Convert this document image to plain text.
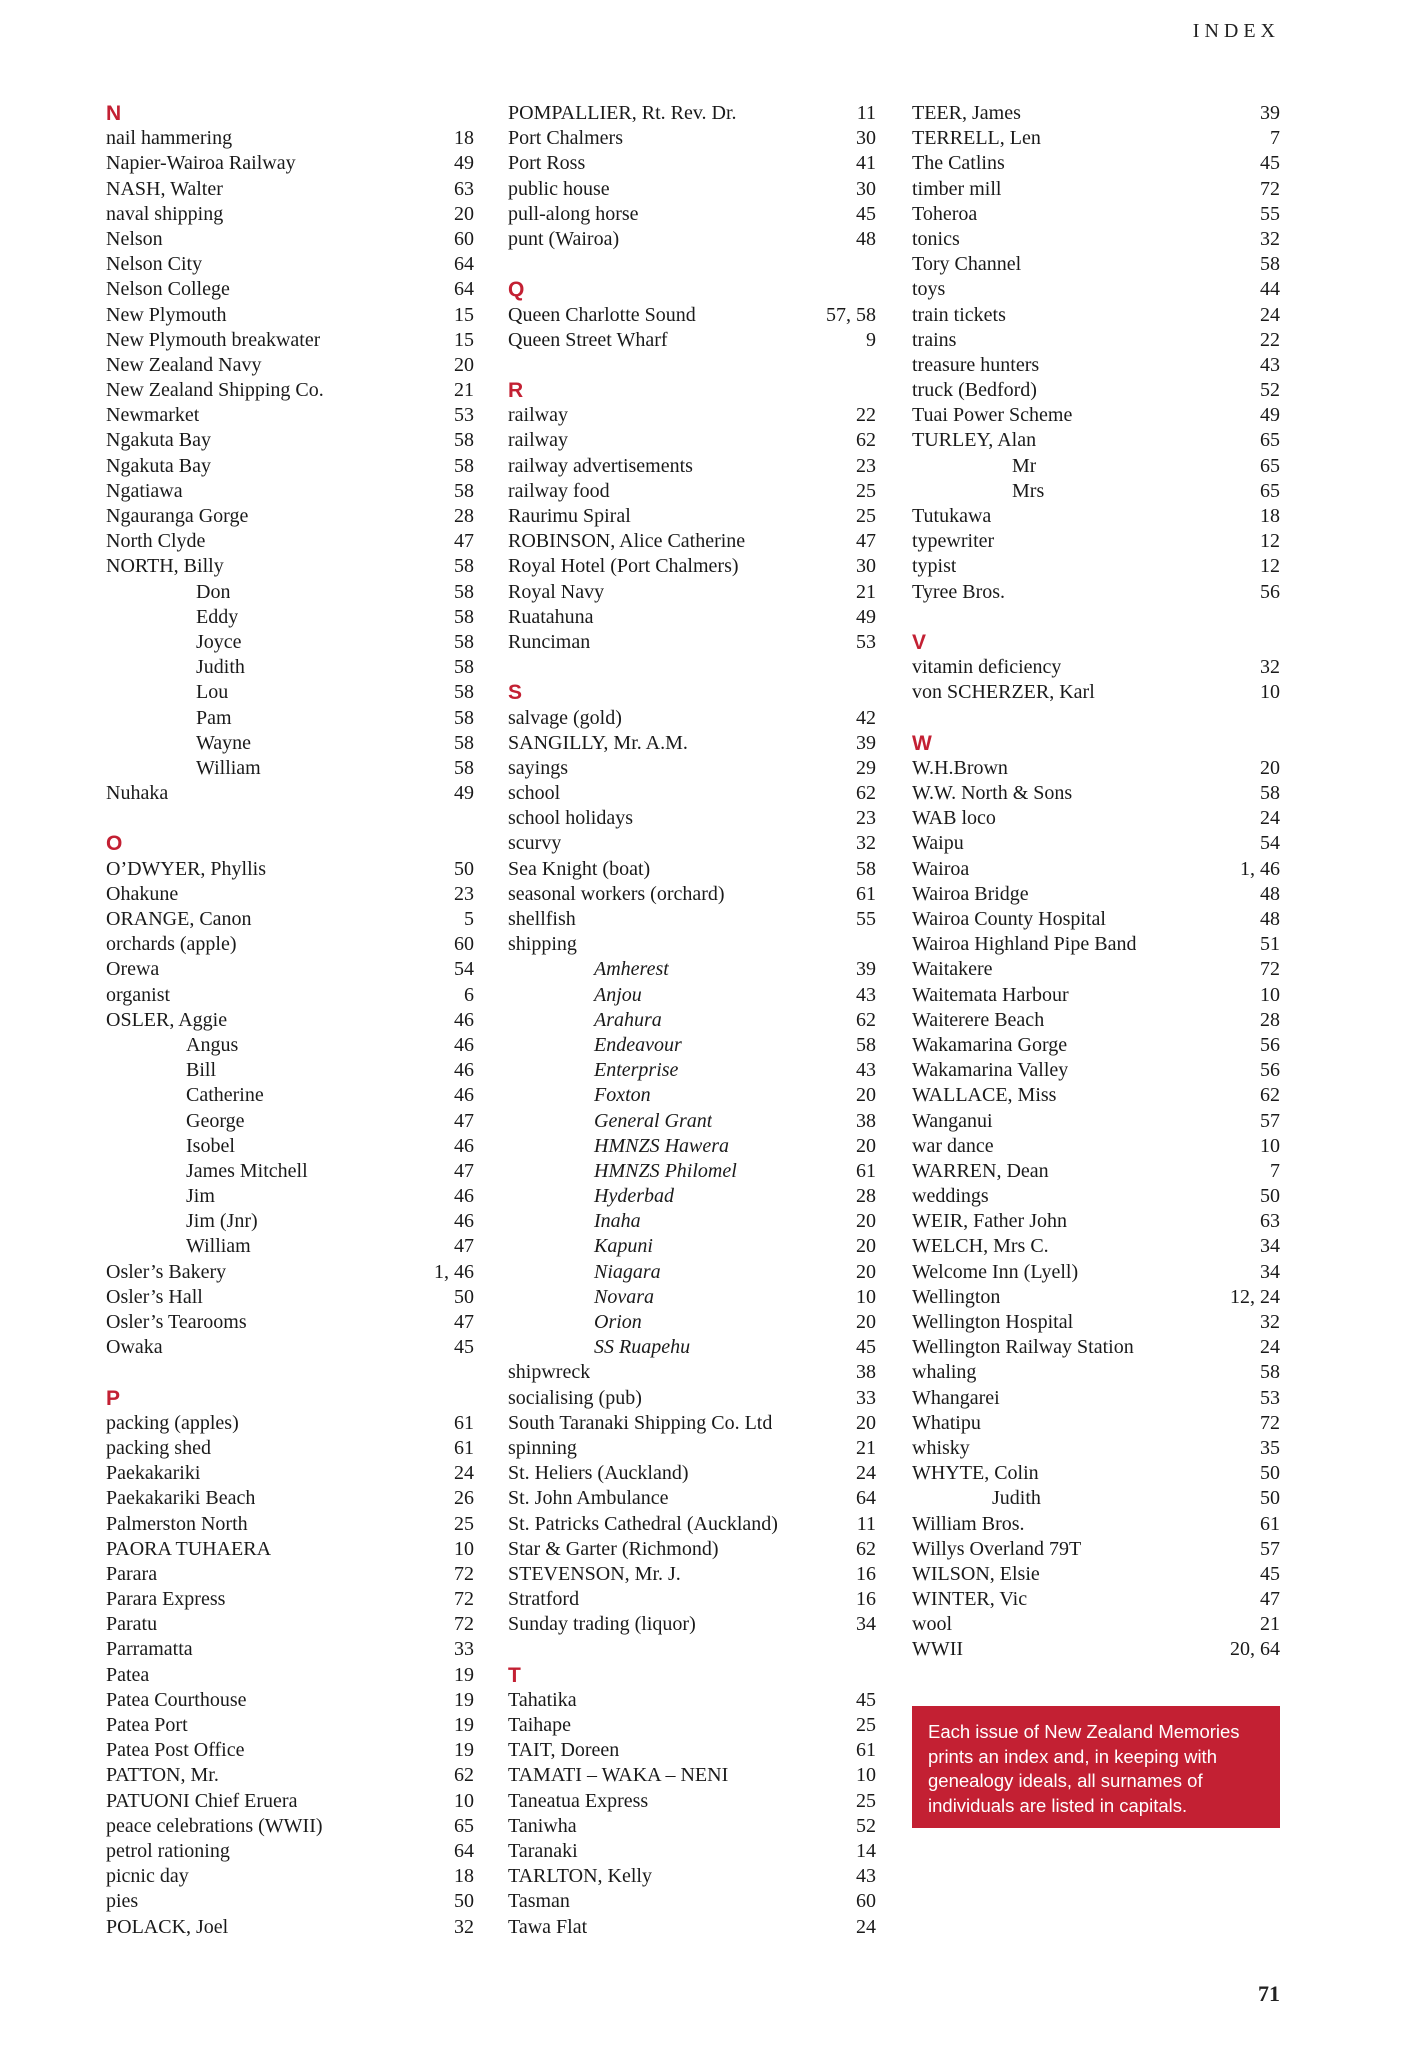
INDEX
N
nail hammering	18
Napier-Wairoa Railway	49
NASH, Walter	63
naval shipping	20
Nelson	60
Nelson City	64
Nelson College	64
New Plymouth	15
New Plymouth breakwater	15
New Zealand Navy	20
New Zealand Shipping Co.	21
Newmarket	53
Ngakuta Bay	58
Ngakuta Bay	58
Ngatiawa	58
Ngauranga Gorge	28
North Clyde	47
NORTH, Billy	58
Don	58
Eddy	58
Joyce	58
Judith	58
Lou	58
Pam	58
Wayne	58
William	58
Nuhaka	49
O
O’DWYER, Phyllis	50
Ohakune	23
ORANGE, Canon	5
orchards (apple)	60
Orewa	54
organist	6
OSLER, Aggie	46
Angus	46
Bill	46
Catherine	46
George	47
Isobel	46
James Mitchell	47
Jim	46
Jim (Jnr)	46
William	47
Osler’s Bakery	1, 46
Osler’s Hall	50
Osler’s Tearooms	47
Owaka	45
P
packing (apples)	61
packing shed	61
Paekakariki	24
Paekakariki Beach	26
Palmerston North	25
PAORA TUHAERA	10
Parara	72
Parara Express	72
Paratu	72
Parramatta	33
Patea	19
Patea Courthouse	19
Patea Port	19
Patea Post Office	19
PATTON, Mr.	62
PATUONI Chief Eruera	10
peace celebrations (WWII)	65
petrol rationing	64
picnic day	18
pies	50
POLACK, Joel	32
POMPALLIER, Rt. Rev. Dr.	11
Port Chalmers	30
Port Ross	41
public house	30
pull-along horse	45
punt (Wairoa)	48
Q
Queen Charlotte Sound	57, 58
Queen Street Wharf	9
R
railway	22
railway	62
railway advertisements	23
railway food	25
Raurimu Spiral	25
ROBINSON, Alice Catherine	47
Royal Hotel (Port Chalmers)	30
Royal Navy	21
Ruatahuna	49
Runciman	53
S
salvage (gold)	42
SANGILLY, Mr. A.M.	39
sayings	29
school	62
school holidays	23
scurvy	32
Sea Knight (boat)	58
seasonal workers (orchard)	61
shellfish	55
shipping
Amherest	39
Anjou	43
Arahura	62
Endeavour	58
Enterprise	43
Foxton	20
General Grant	38
HMNZS Hawera	20
HMNZS Philomel	61
Hyderbad	28
Inaha	20
Kapuni	20
Niagara	20
Novara	10
Orion	20
SS Ruapehu	45
shipwreck	38
socialising (pub)	33
South Taranaki Shipping Co. Ltd	20
spinning	21
St. Heliers (Auckland)	24
St. John Ambulance	64
St. Patricks Cathedral (Auckland)	11
Star & Garter (Richmond)	62
STEVENSON, Mr. J.	16
Stratford	16
Sunday trading (liquor)	34
T
Tahatika	45
Taihape	25
TAIT, Doreen	61
TAMATI – WAKA – NENI	10
Taneatua Express	25
Taniwha	52
Taranaki	14
TARLTON, Kelly	43
Tasman	60
Tawa Flat	24
TEER, James	39
TERRELL, Len	7
The Catlins	45
timber mill	72
Toheroa	55
tonics	32
Tory Channel	58
toys	44
train tickets	24
trains	22
treasure hunters	43
truck (Bedford)	52
Tuai Power Scheme	49
TURLEY, Alan	65
Mr	65
Mrs	65
Tutukawa	18
typewriter	12
typist	12
Tyree Bros.	56
V
vitamin deficiency	32
von SCHERZER, Karl	10
W
W.H.Brown	20
W.W. North & Sons	58
WAB loco	24
Waipu	54
Wairoa	1, 46
Wairoa Bridge	48
Wairoa County Hospital	48
Wairoa Highland Pipe Band	51
Waitakere	72
Waitemata Harbour	10
Waiterere Beach	28
Wakamarina Gorge	56
Wakamarina Valley	56
WALLACE, Miss	62
Wanganui	57
war dance	10
WARREN, Dean	7
weddings	50
WEIR, Father John	63
WELCH, Mrs C.	34
Welcome Inn (Lyell)	34
Wellington	12, 24
Wellington Hospital	32
Wellington Railway Station	24
whaling	58
Whangarei	53
Whatipu	72
whisky	35
WHYTE, Colin	50
Judith	50
William Bros.	61
Willys Overland 79T	57
WILSON, Elsie	45
WINTER, Vic	47
wool	21
WWII	20, 64
Each issue of New Zealand Memories prints an index and, in keeping with genealogy ideals, all surnames of individuals are listed in capitals.
71
